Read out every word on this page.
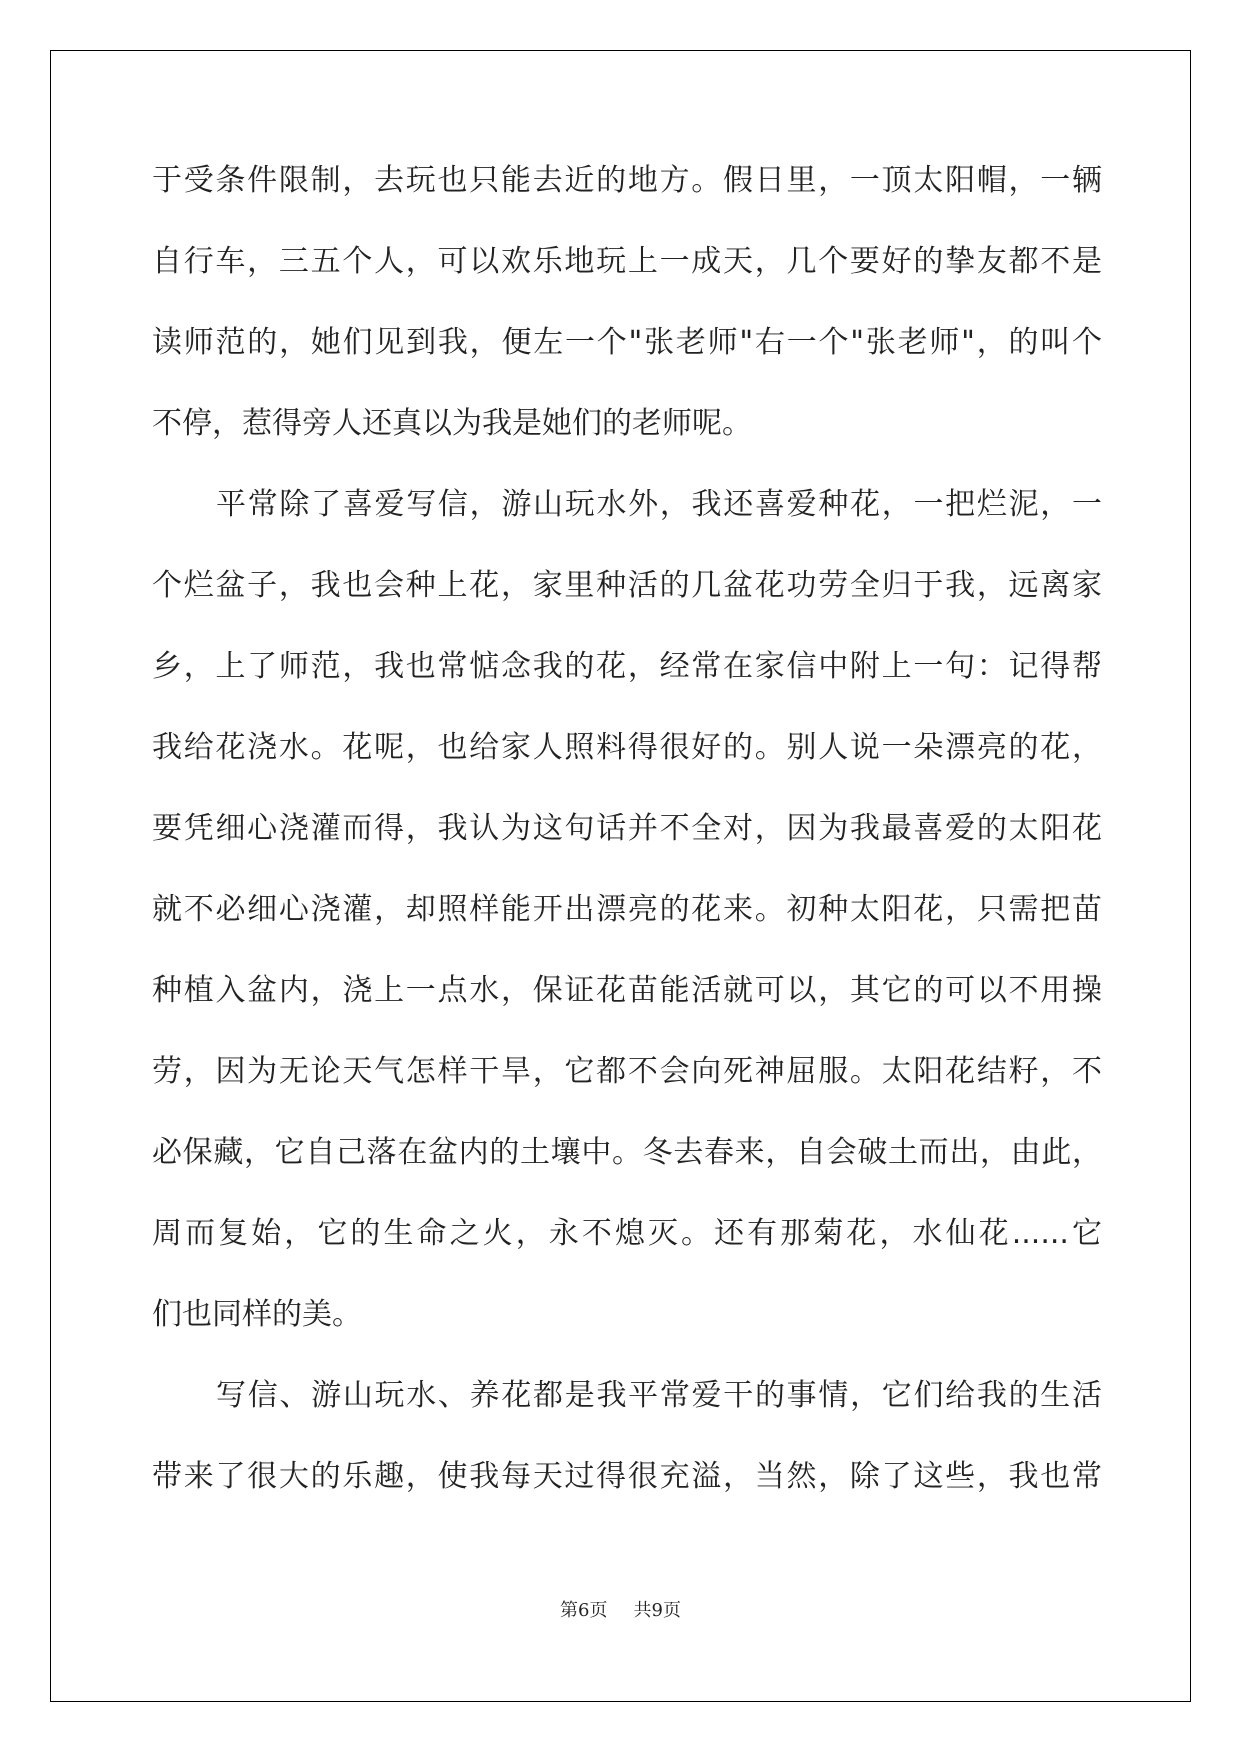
于受条件限制，去玩也只能去近的地方。假日里，一顶太阳帽，一辆
自行车，三五个人，可以欢乐地玩上一成天，几个要好的挚友都不是
读师范的，她们见到我，便左一个"张老师"右一个"张老师"，的叫个
不停，惹得旁人还真以为我是她们的老师呢。
平常除了喜爱写信，游山玩水外，我还喜爱种花，一把烂泥，一
个烂盆子，我也会种上花，家里种活的几盆花功劳全归于我，远离家
乡，上了师范，我也常惦念我的花，经常在家信中附上一句：记得帮
我给花浇水。花呢，也给家人照料得很好的。别人说一朵漂亮的花，
要凭细心浇灌而得，我认为这句话并不全对，因为我最喜爱的太阳花
就不必细心浇灌，却照样能开出漂亮的花来。初种太阳花，只需把苗
种植入盆内，浇上一点水，保证花苗能活就可以，其它的可以不用操
劳，因为无论天气怎样干旱，它都不会向死神屈服。太阳花结籽，不
必保藏，它自己落在盆内的土壤中。冬去春来，自会破土而出，由此，
周而复始，它的生命之火，永不熄灭。还有那菊花，水仙花......它
们也同样的美。
写信、游山玩水、养花都是我平常爱干的事情，它们给我的生活
带来了很大的乐趣，使我每天过得很充溢，当然，除了这些，我也常
第6页 共9页
